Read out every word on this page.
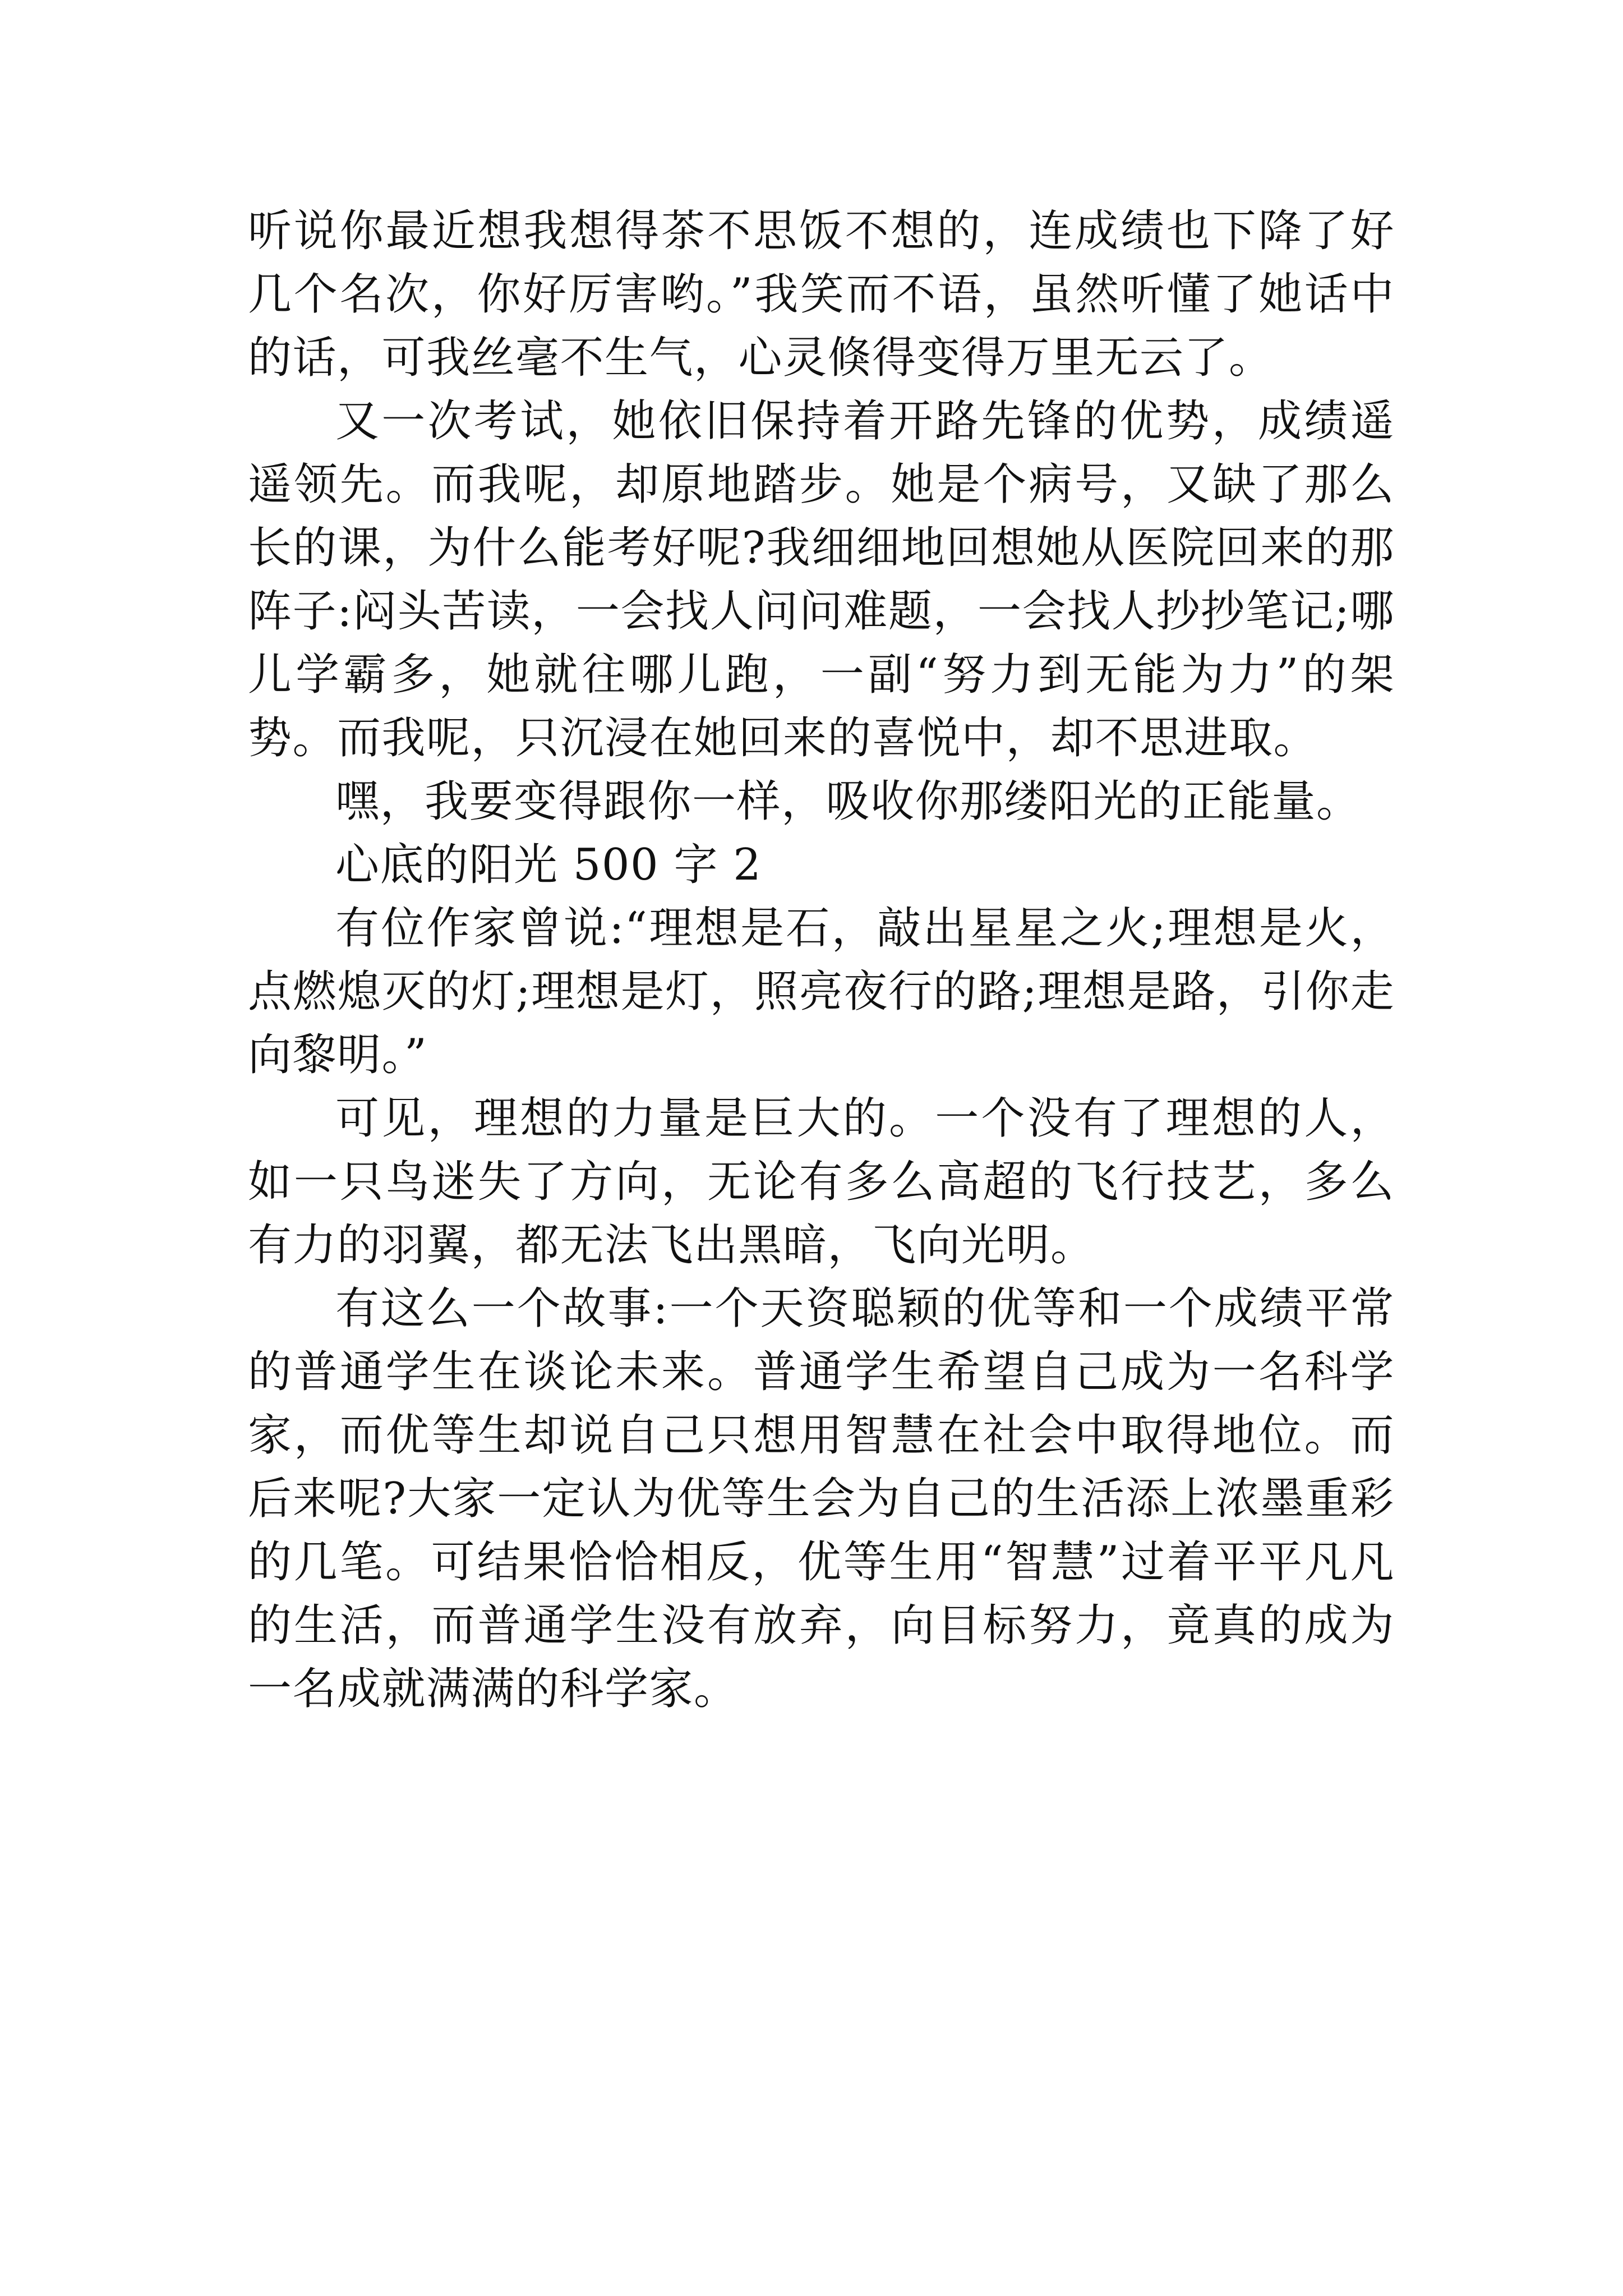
听说你最近想我想得茶不思饭不想的，连成绩也下降了好几个名次，你好厉害哟。”我笑而不语，虽然听懂了她话中的话，可我丝毫不生气，心灵倏得变得万里无云了。

又一次考试，她依旧保持着开路先锋的优势，成绩遥遥领先。而我呢，却原地踏步。她是个病号，又缺了那么长的课，为什么能考好呢?我细细地回想她从医院回来的那阵子:闷头苦读，一会找人问问难题，一会找人抄抄笔记;哪儿学霸多，她就往哪儿跑，一副“努力到无能为力”的架势。而我呢，只沉浸在她回来的喜悦中，却不思进取。

嘿，我要变得跟你一样，吸收你那缕阳光的正能量。

心底的阳光 500 字 2

有位作家曾说:“理想是石，敲出星星之火;理想是火，点燃熄灭的灯;理想是灯，照亮夜行的路;理想是路，引你走向黎明。”

可见，理想的力量是巨大的。一个没有了理想的人，如一只鸟迷失了方向，无论有多么高超的飞行技艺，多么有力的羽翼，都无法飞出黑暗，飞向光明。

有这么一个故事:一个天资聪颖的优等和一个成绩平常的普通学生在谈论未来。普通学生希望自己成为一名科学家，而优等生却说自己只想用智慧在社会中取得地位。而后来呢?大家一定认为优等生会为自己的生活添上浓墨重彩的几笔。可结果恰恰相反，优等生用“智慧”过着平平凡凡的生活，而普通学生没有放弃，向目标努力，竟真的成为一名成就满满的科学家。
